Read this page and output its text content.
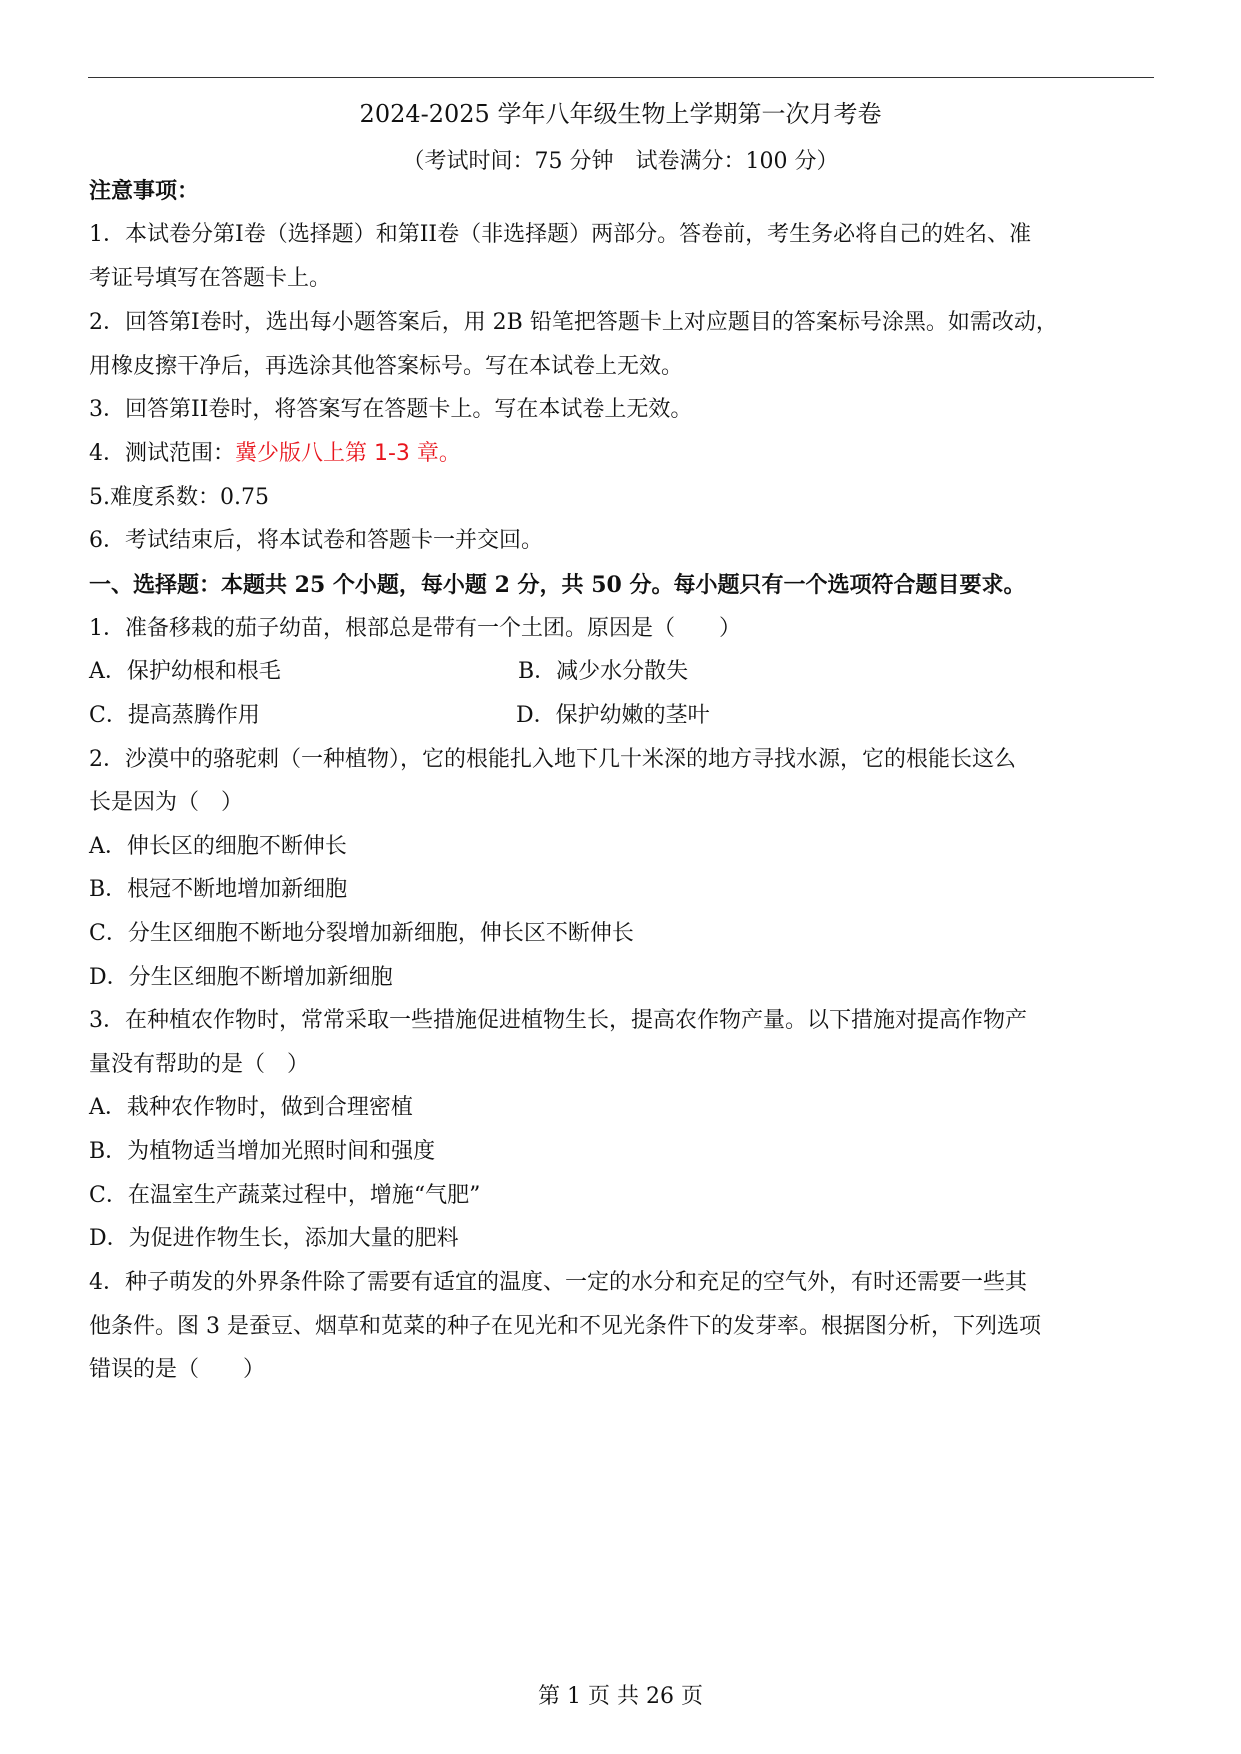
2024-2025 学年八年级生物上学期第一次月考卷
（考试时间：75 分钟　试卷满分：100 分）
注意事项：
1．本试卷分第I卷（选择题）和第II卷（非选择题）两部分。答卷前，考生务必将自己的姓名、准
考证号填写在答题卡上。
2．回答第I卷时，选出每小题答案后，用 2B 铅笔把答题卡上对应题目的答案标号涂黑。如需改动，
用橡皮擦干净后，再选涂其他答案标号。写在本试卷上无效。
3．回答第II卷时，将答案写在答题卡上。写在本试卷上无效。
4．测试范围：冀少版八上第 1-3 章。
5.难度系数：0.75
6．考试结束后，将本试卷和答题卡一并交回。
一、选择题：本题共 25 个小题，每小题 2 分，共 50 分。每小题只有一个选项符合题目要求。
1．准备移栽的茄子幼苗，根部总是带有一个土团。原因是（　　）
A．保护幼根和根毛	B．减少水分散失
C．提高蒸腾作用	D．保护幼嫩的茎叶
2．沙漠中的骆驼刺（一种植物），它的根能扎入地下几十米深的地方寻找水源，它的根能长这么
长是因为（　）
A．伸长区的细胞不断伸长
B．根冠不断地增加新细胞
C．分生区细胞不断地分裂增加新细胞，伸长区不断伸长
D．分生区细胞不断增加新细胞
3．在种植农作物时，常常采取一些措施促进植物生长，提高农作物产量。以下措施对提高作物产
量没有帮助的是（　）
A．栽种农作物时，做到合理密植
B．为植物适当增加光照时间和强度
C．在温室生产蔬菜过程中，增施“气肥”
D．为促进作物生长，添加大量的肥料
4．种子萌发的外界条件除了需要有适宜的温度、一定的水分和充足的空气外，有时还需要一些其
他条件。图 3 是蚕豆、烟草和苋菜的种子在见光和不见光条件下的发芽率。根据图分析，下列选项
错误的是（　　）
第 1 页 共 26 页
